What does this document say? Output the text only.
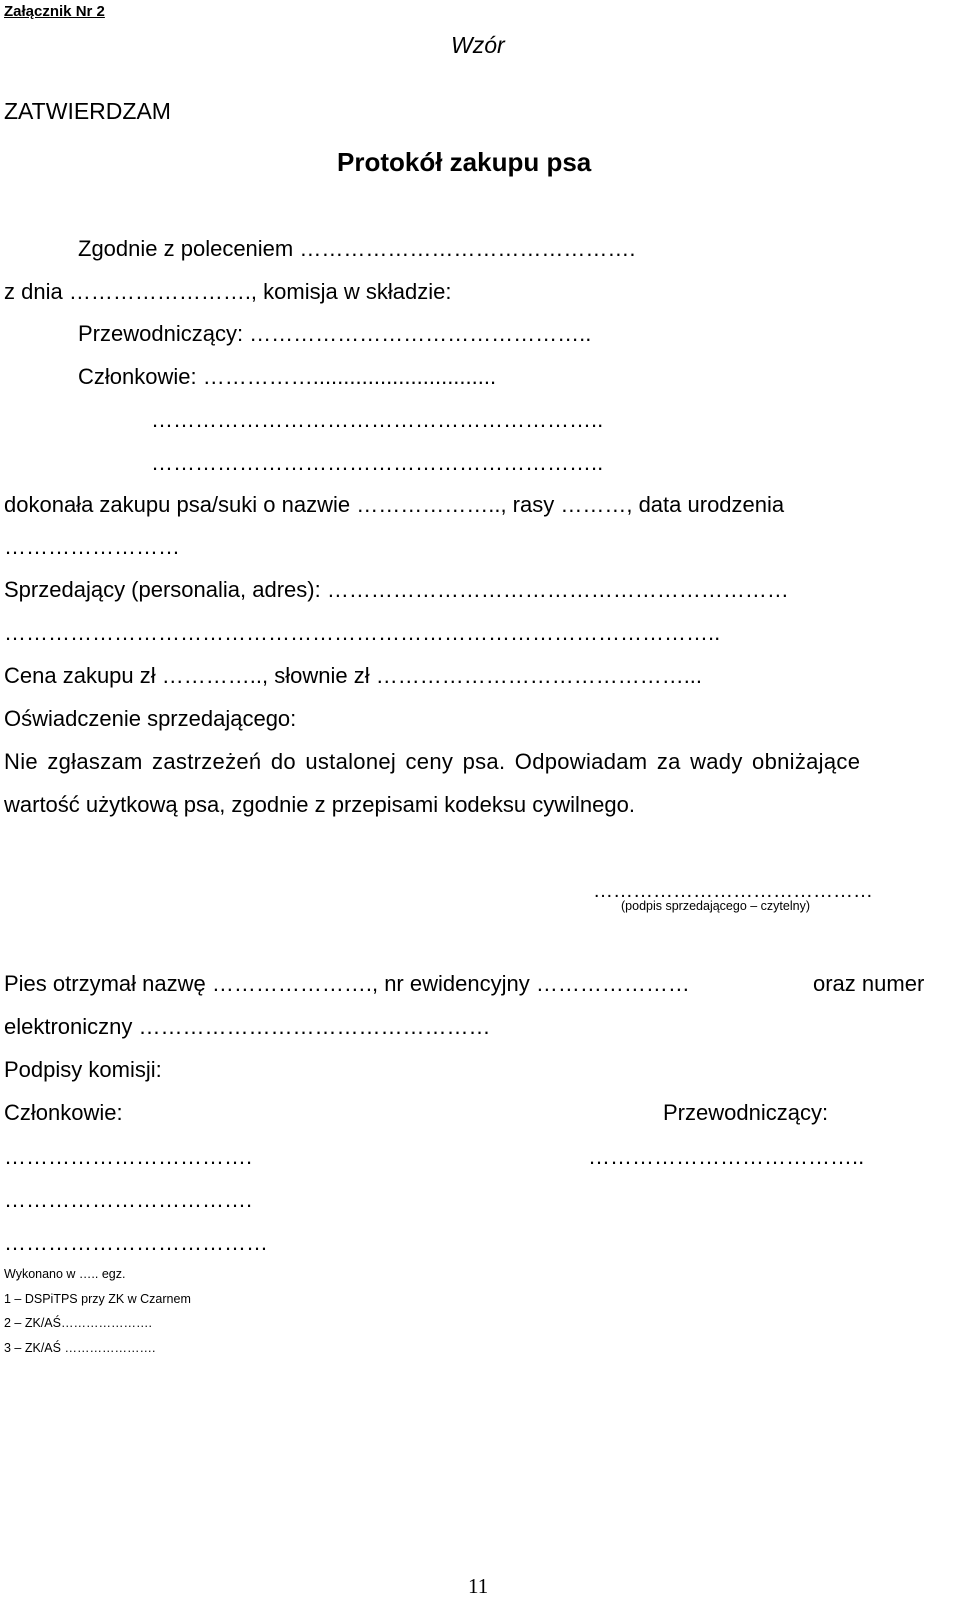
Załącznik Nr 2
Wzór
ZATWIERDZAM
Protokół zakupu psa
Zgodnie z poleceniem ……………………………………….
z dnia ……………………., komisja w składzie:
Przewodniczący: ………………………………………..
Członkowie: ……………..............................
……………………………………………………..
……………………………………………………..
dokonała zakupu psa/suki o nazwie ……………….., rasy ………, data urodzenia
……………………
Sprzedający (personalia, adres): ………………………………………………………
……………………………………………………………………………………..
Cena zakupu zł ………….., słownie zł ……………………………………...
Oświadczenie sprzedającego:
Nie zgłaszam zastrzeżeń do ustalonej ceny psa. Odpowiadam za wady obniżające
wartość użytkową psa, zgodnie z przepisami kodeksu cywilnego.
……………………………………
(podpis sprzedającego – czytelny)
Pies otrzymał nazwę …………………., nr ewidencyjny …………………	oraz numer
elektroniczny …………………………………………
Podpisy komisji:
Członkowie:	Przewodniczący:
…………………………….	………………………………..
…………………………….
………………………………
Wykonano w ….. egz.
1 – DSPiTPS przy ZK w Czarnem
2 – ZK/AŚ………………….
3 – ZK/AŚ ………………….
11
